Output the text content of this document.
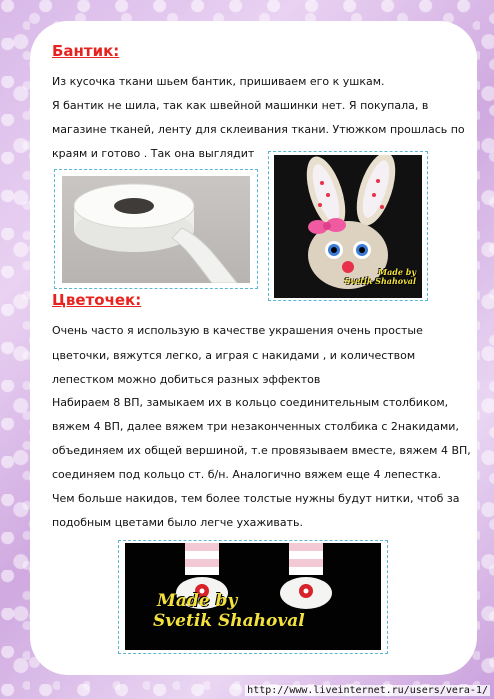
Бантик:

Из кусочка ткани шьем бантик, пришиваем его к ушкам.

Я бантик не шила, так как швейной машинки нет. Я покупала, в

магазине тканей, ленту для склеивания ткани. Утюжком прошлась по

краям и готово . Так она выглядит

Made by
Svetik Shahoval
Цветочек:

Очень часто я использую в качестве украшения очень простые

цветочки, вяжутся легко, а играя с накидами , и количеством

лепестком можно добиться разных эффектов

Набираем 8 ВП, замыкаем их в кольцо соединительным столбиком,

вяжем 4 ВП, далее вяжем три незаконченных столбика с 2накидами,

объединяем их общей вершиной, т.е провязываем вместе, вяжем 4 ВП,

соединяем под кольцо ст. б/н. Аналогично вяжем еще 4 лепестка.

Чем больше накидов, тем более толстые нужны будут нитки, чтоб за

подобным цветами было легче ухаживать.

Made by
Svetik Shahoval
http://www.liveinternet.ru/users/vera-1/
